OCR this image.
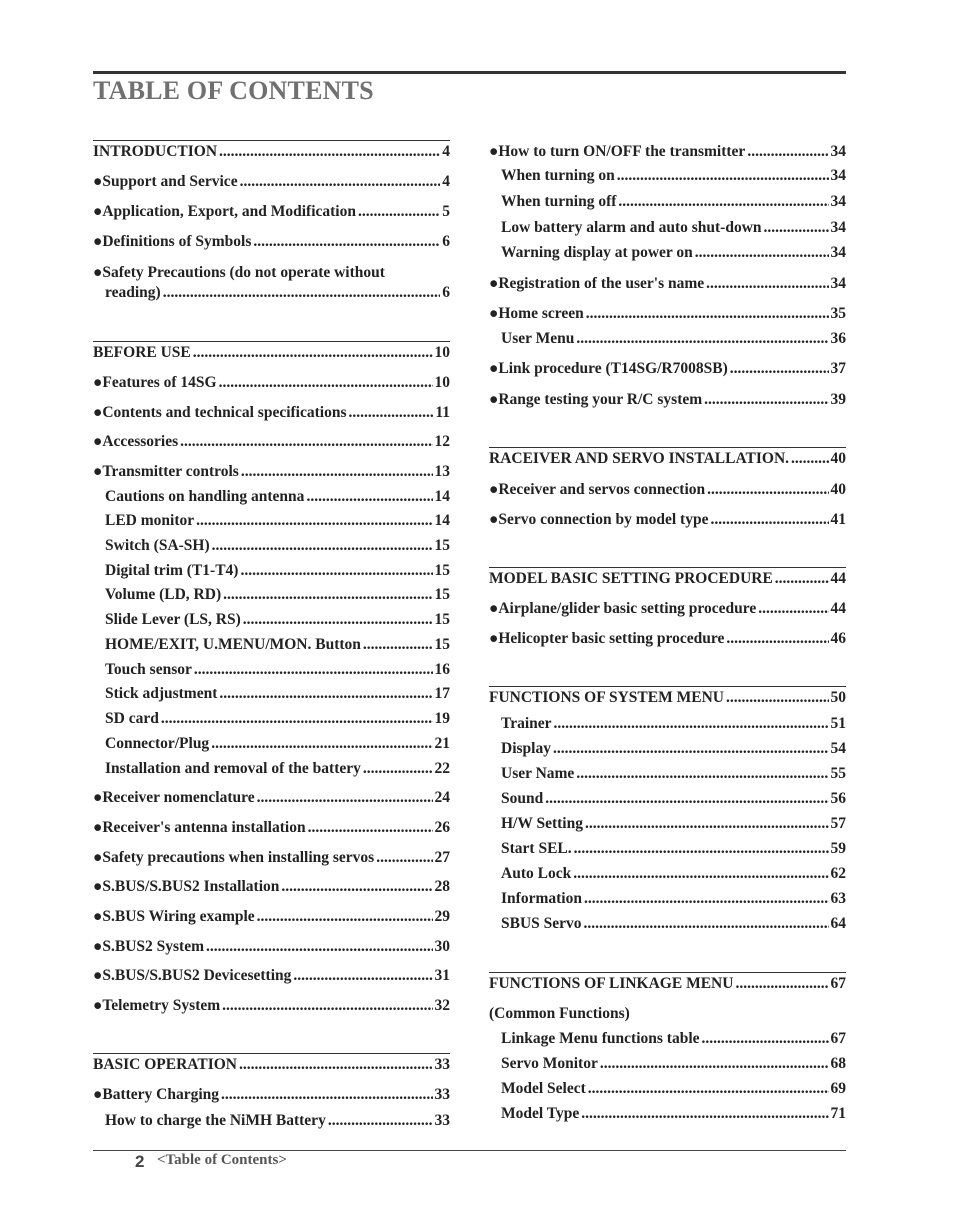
TABLE OF CONTENTS
INTRODUCTION .....	4
●Support and Service .....	4
●Application, Export, and Modification .....	5
●Definitions of Symbols .....	6
●Safety Precautions (do not operate without
reading) .....	6
BEFORE USE .....	10
●Features of 14SG .....	10
●Contents and technical specifications .....	11
●Accessories .....	12
●Transmitter controls .....	13
Cautions on handling antenna .....	14
LED monitor .....	14
Switch (SA-SH) .....	15
Digital trim (T1-T4) .....	15
Volume (LD, RD) .....	15
Slide Lever (LS, RS) .....	15
HOME/EXIT, U.MENU/MON. Button .....	15
Touch sensor .....	16
Stick adjustment .....	17
SD card .....	19
Connector/Plug .....	21
Installation and removal of the battery .....	22
●Receiver nomenclature .....	24
●Receiver's antenna installation .....	26
●Safety precautions when installing servos .....	27
●S.BUS/S.BUS2 Installation .....	28
●S.BUS Wiring example .....	29
●S.BUS2 System .....	30
●S.BUS/S.BUS2 Devicesetting .....	31
●Telemetry System .....	32
BASIC OPERATION .....	33
●Battery Charging .....	33
How to charge the NiMH Battery .....	33
●How to turn ON/OFF the transmitter .....	34
When turning on .....	34
When turning off .....	34
Low battery alarm and auto shut-down .....	34
Warning display at power on .....	34
●Registration of the user's name .....	34
●Home screen .....	35
User Menu .....	36
●Link procedure (T14SG/R7008SB) .....	37
●Range testing your R/C system .....	39
RACEIVER AND SERVO INSTALLATION. .....	40
●Receiver and servos connection .....	40
●Servo connection by model type .....	41
MODEL BASIC SETTING PROCEDURE .....	44
●Airplane/glider basic setting procedure .....	44
●Helicopter basic setting procedure .....	46
FUNCTIONS OF SYSTEM MENU .....	50
Trainer .....	51
Display .....	54
User Name .....	55
Sound .....	56
H/W Setting .....	57
Start SEL. .....	59
Auto Lock .....	62
Information .....	63
SBUS Servo .....	64
FUNCTIONS OF LINKAGE MENU .....	67
(Common Functions)
Linkage Menu functions table .....	67
Servo Monitor .....	68
Model Select .....	69
Model Type .....	71
2 <Table of Contents>
